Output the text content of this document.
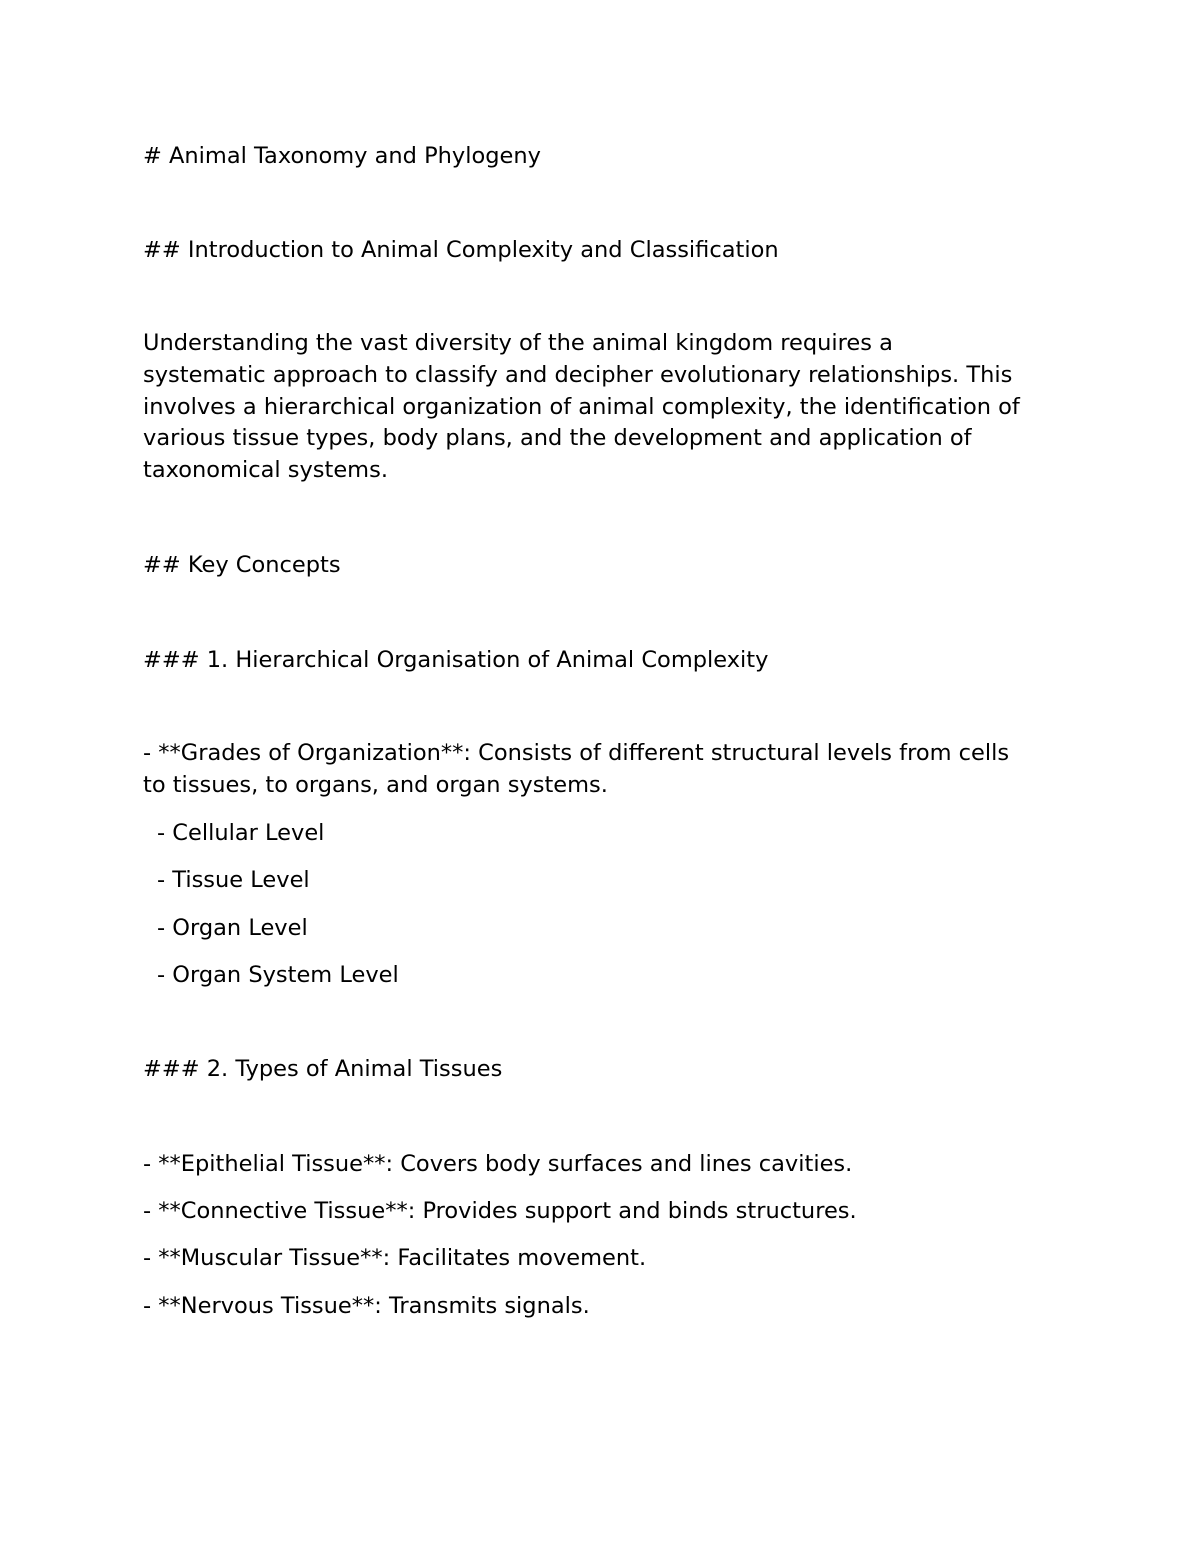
# Animal Taxonomy and Phylogeny

## Introduction to Animal Complexity and Classification

Understanding the vast diversity of the animal kingdom requires a
systematic approach to classify and decipher evolutionary relationships. This
involves a hierarchical organization of animal complexity, the identification of
various tissue types, body plans, and the development and application of
taxonomical systems.

## Key Concepts

### 1. Hierarchical Organisation of Animal Complexity

- **Grades of Organization**: Consists of different structural levels from cells
to tissues, to organs, and organ systems.

- Cellular Level

- Tissue Level

- Organ Level

- Organ System Level

### 2. Types of Animal Tissues

- **Epithelial Tissue**: Covers body surfaces and lines cavities.

- **Connective Tissue**: Provides support and binds structures.

- **Muscular Tissue**: Facilitates movement.

- **Nervous Tissue**: Transmits signals.
